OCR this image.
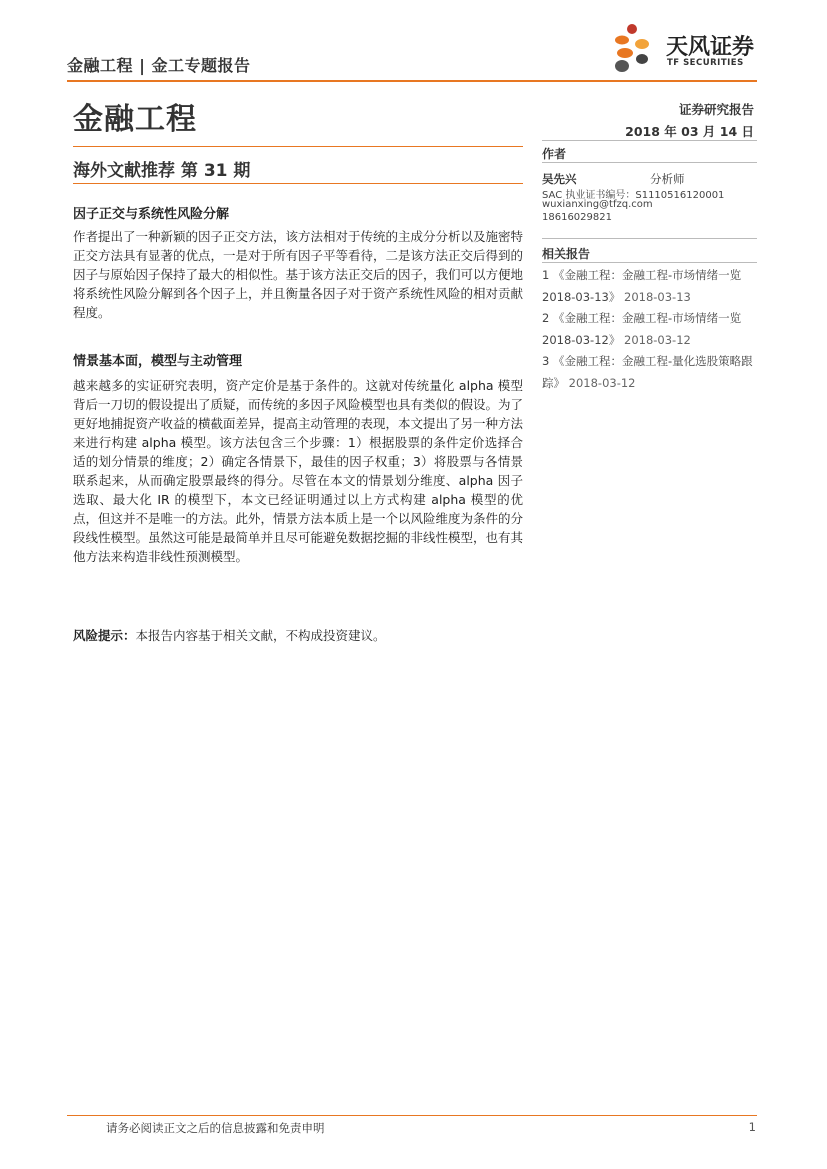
金融工程 | 金工专题报告
天风证券
TF SECURITIES
金融工程	证券研究报告
2018 年 03 月 14 日
海外文献推荐 第 31 期
作者
吴先兴	分析师
SAC 执业证书编号：S1110516120001
wuxianxing@tfzq.com
18616029821
相关报告
1 《金融工程：金融工程-市场情绪一览 2018-03-13》 2018-03-13
2 《金融工程：金融工程-市场情绪一览 2018-03-12》 2018-03-12
3 《金融工程：金融工程-量化选股策略跟踪》 2018-03-12
因子正交与系统性风险分解
作者提出了一种新颖的因子正交方法，该方法相对于传统的主成分分析以及施密特正交方法具有显著的优点，一是对于所有因子平等看待，二是该方法正交后得到的因子与原始因子保持了最大的相似性。基于该方法正交后的因子，我们可以方便地将系统性风险分解到各个因子上，并且衡量各因子对于资产系统性风险的相对贡献程度。
情景基本面，模型与主动管理
越来越多的实证研究表明，资产定价是基于条件的。这就对传统量化 alpha 模型背后一刀切的假设提出了质疑，而传统的多因子风险模型也具有类似的假设。为了更好地捕捉资产收益的横截面差异，提高主动管理的表现，本文提出了另一种方法来进行构建 alpha 模型。该方法包含三个步骤：1）根据股票的条件定价选择合适的划分情景的维度；2）确定各情景下，最佳的因子权重；3）将股票与各情景联系起来，从而确定股票最终的得分。尽管在本文的情景划分维度、alpha 因子选取、最大化 IR 的模型下，本文已经证明通过以上方式构建 alpha 模型的优点，但这并不是唯一的方法。此外，情景方法本质上是一个以风险维度为条件的分段线性模型。虽然这可能是最简单并且尽可能避免数据挖掘的非线性模型，也有其他方法来构造非线性预测模型。
风险提示：本报告内容基于相关文献，不构成投资建议。
请务必阅读正文之后的信息披露和免责申明	1
